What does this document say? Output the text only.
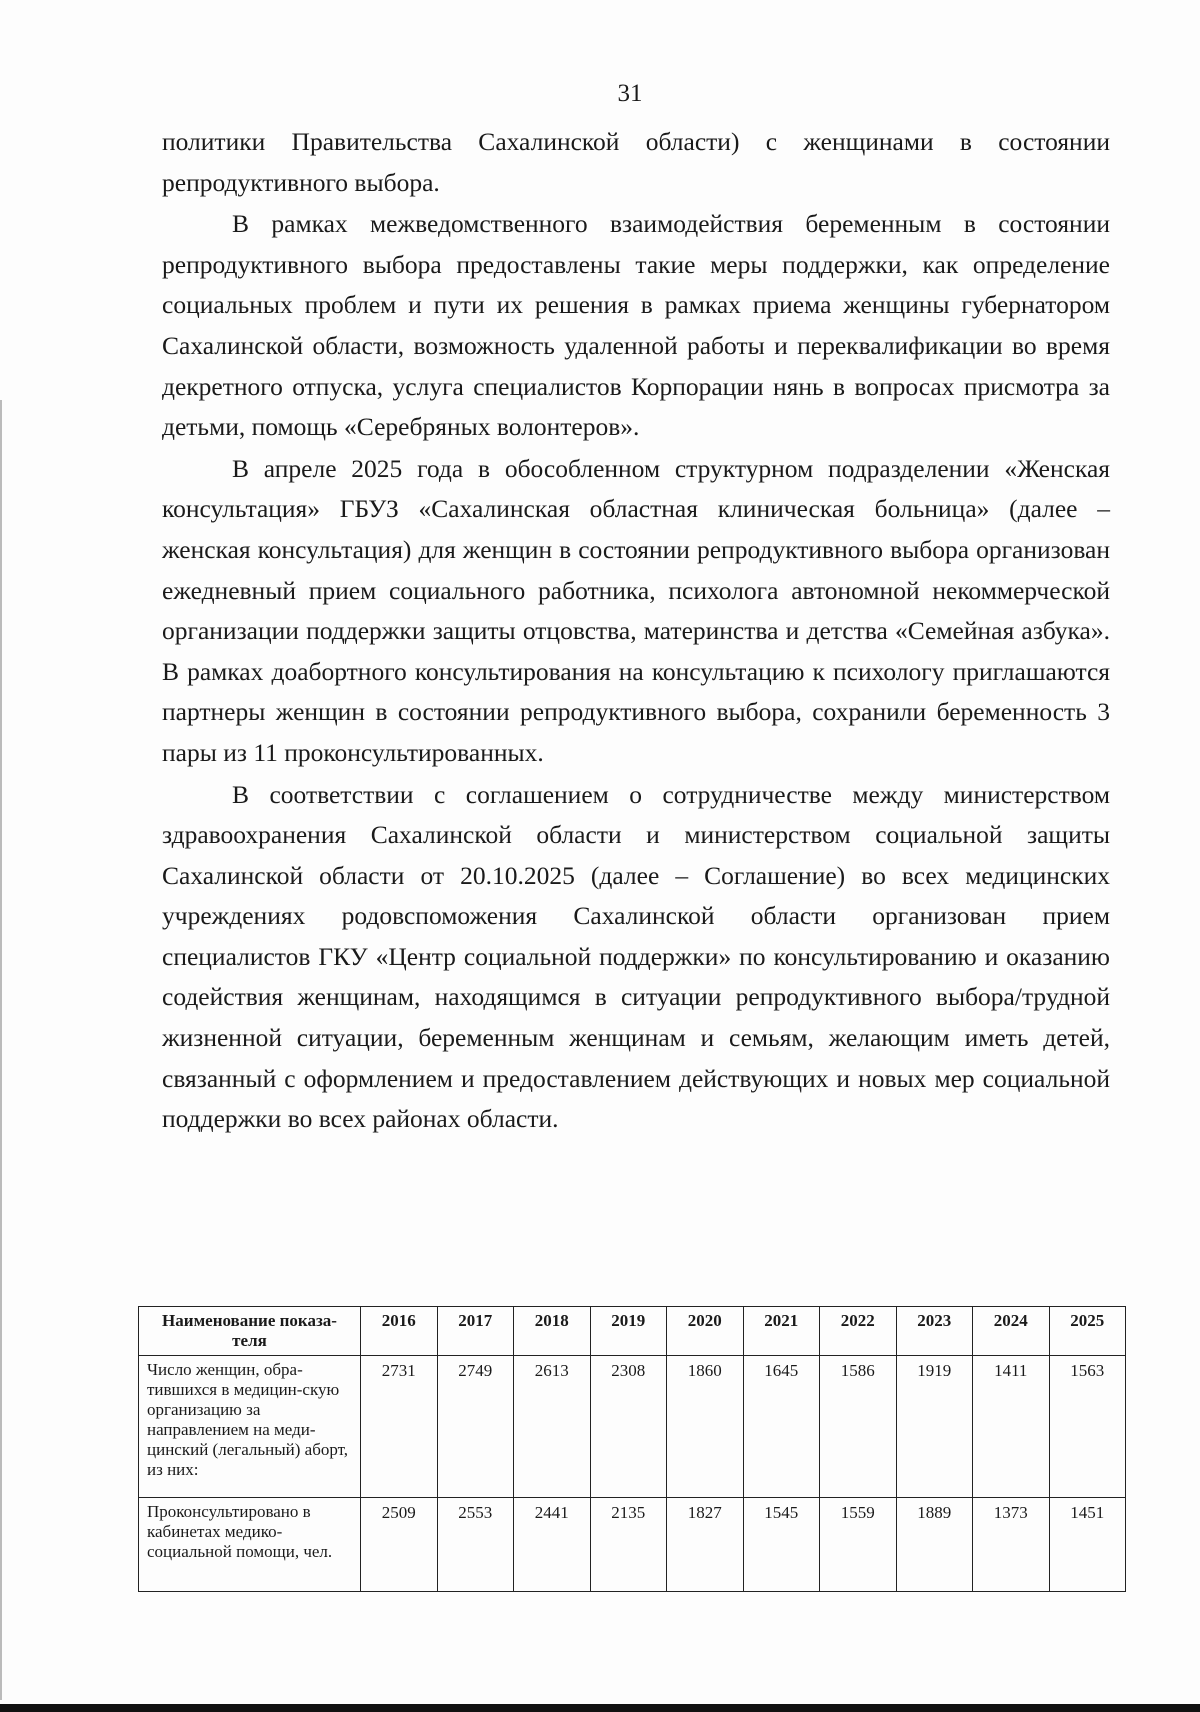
31

политики Правительства Сахалинской области) с женщинами в состоянии репродуктивного выбора.

В рамках межведомственного взаимодействия беременным в состоянии репродуктивного выбора предоставлены такие меры поддержки, как определение социальных проблем и пути их решения в рамках приема женщины губернатором Сахалинской области, возможность удаленной работы и переквалификации во время декретного отпуска, услуга специалистов Корпорации нянь в вопросах присмотра за детьми, помощь «Серебряных волонтеров».

В апреле 2025 года в обособленном структурном подразделении «Женская консультация» ГБУЗ «Сахалинская областная клиническая больница» (далее – женская консультация) для женщин в состоянии репродуктивного выбора организован ежедневный прием социального работника, психолога автономной некоммерческой организации поддержки защиты отцовства, материнства и детства «Семейная азбука». В рамках доабортного консультирования на консультацию к психологу приглашаются партнеры женщин в состоянии репродуктивного выбора, сохранили беременность 3 пары из 11 проконсультированных.

В соответствии с соглашением о сотрудничестве между министерством здравоохранения Сахалинской области и министерством социальной защиты Сахалинской области от 20.10.2025 (далее – Соглашение) во всех медицинских учреждениях родовспоможения Сахалинской области организован прием специалистов ГКУ «Центр социальной поддержки» по консультированию и оказанию содействия женщинам, находящимся в ситуации репродуктивного выбора/трудной жизненной ситуации, беременным женщинам и семьям, желающим иметь детей, связанный с оформлением и предоставлением действующих и новых мер социальной поддержки во всех районах области.

Наименование показа-теля	2016	2017	2018	2019	2020	2021	2022	2023	2024	2025
Число женщин, обра-тившихся в медицин-скую организацию за направлением на меди-цинский (легальный) аборт, из них:	2731	2749	2613	2308	1860	1645	1586	1919	1411	1563
Проконсультировано в кабинетах медико-социальной помощи, чел.	2509	2553	2441	2135	1827	1545	1559	1889	1373	1451
